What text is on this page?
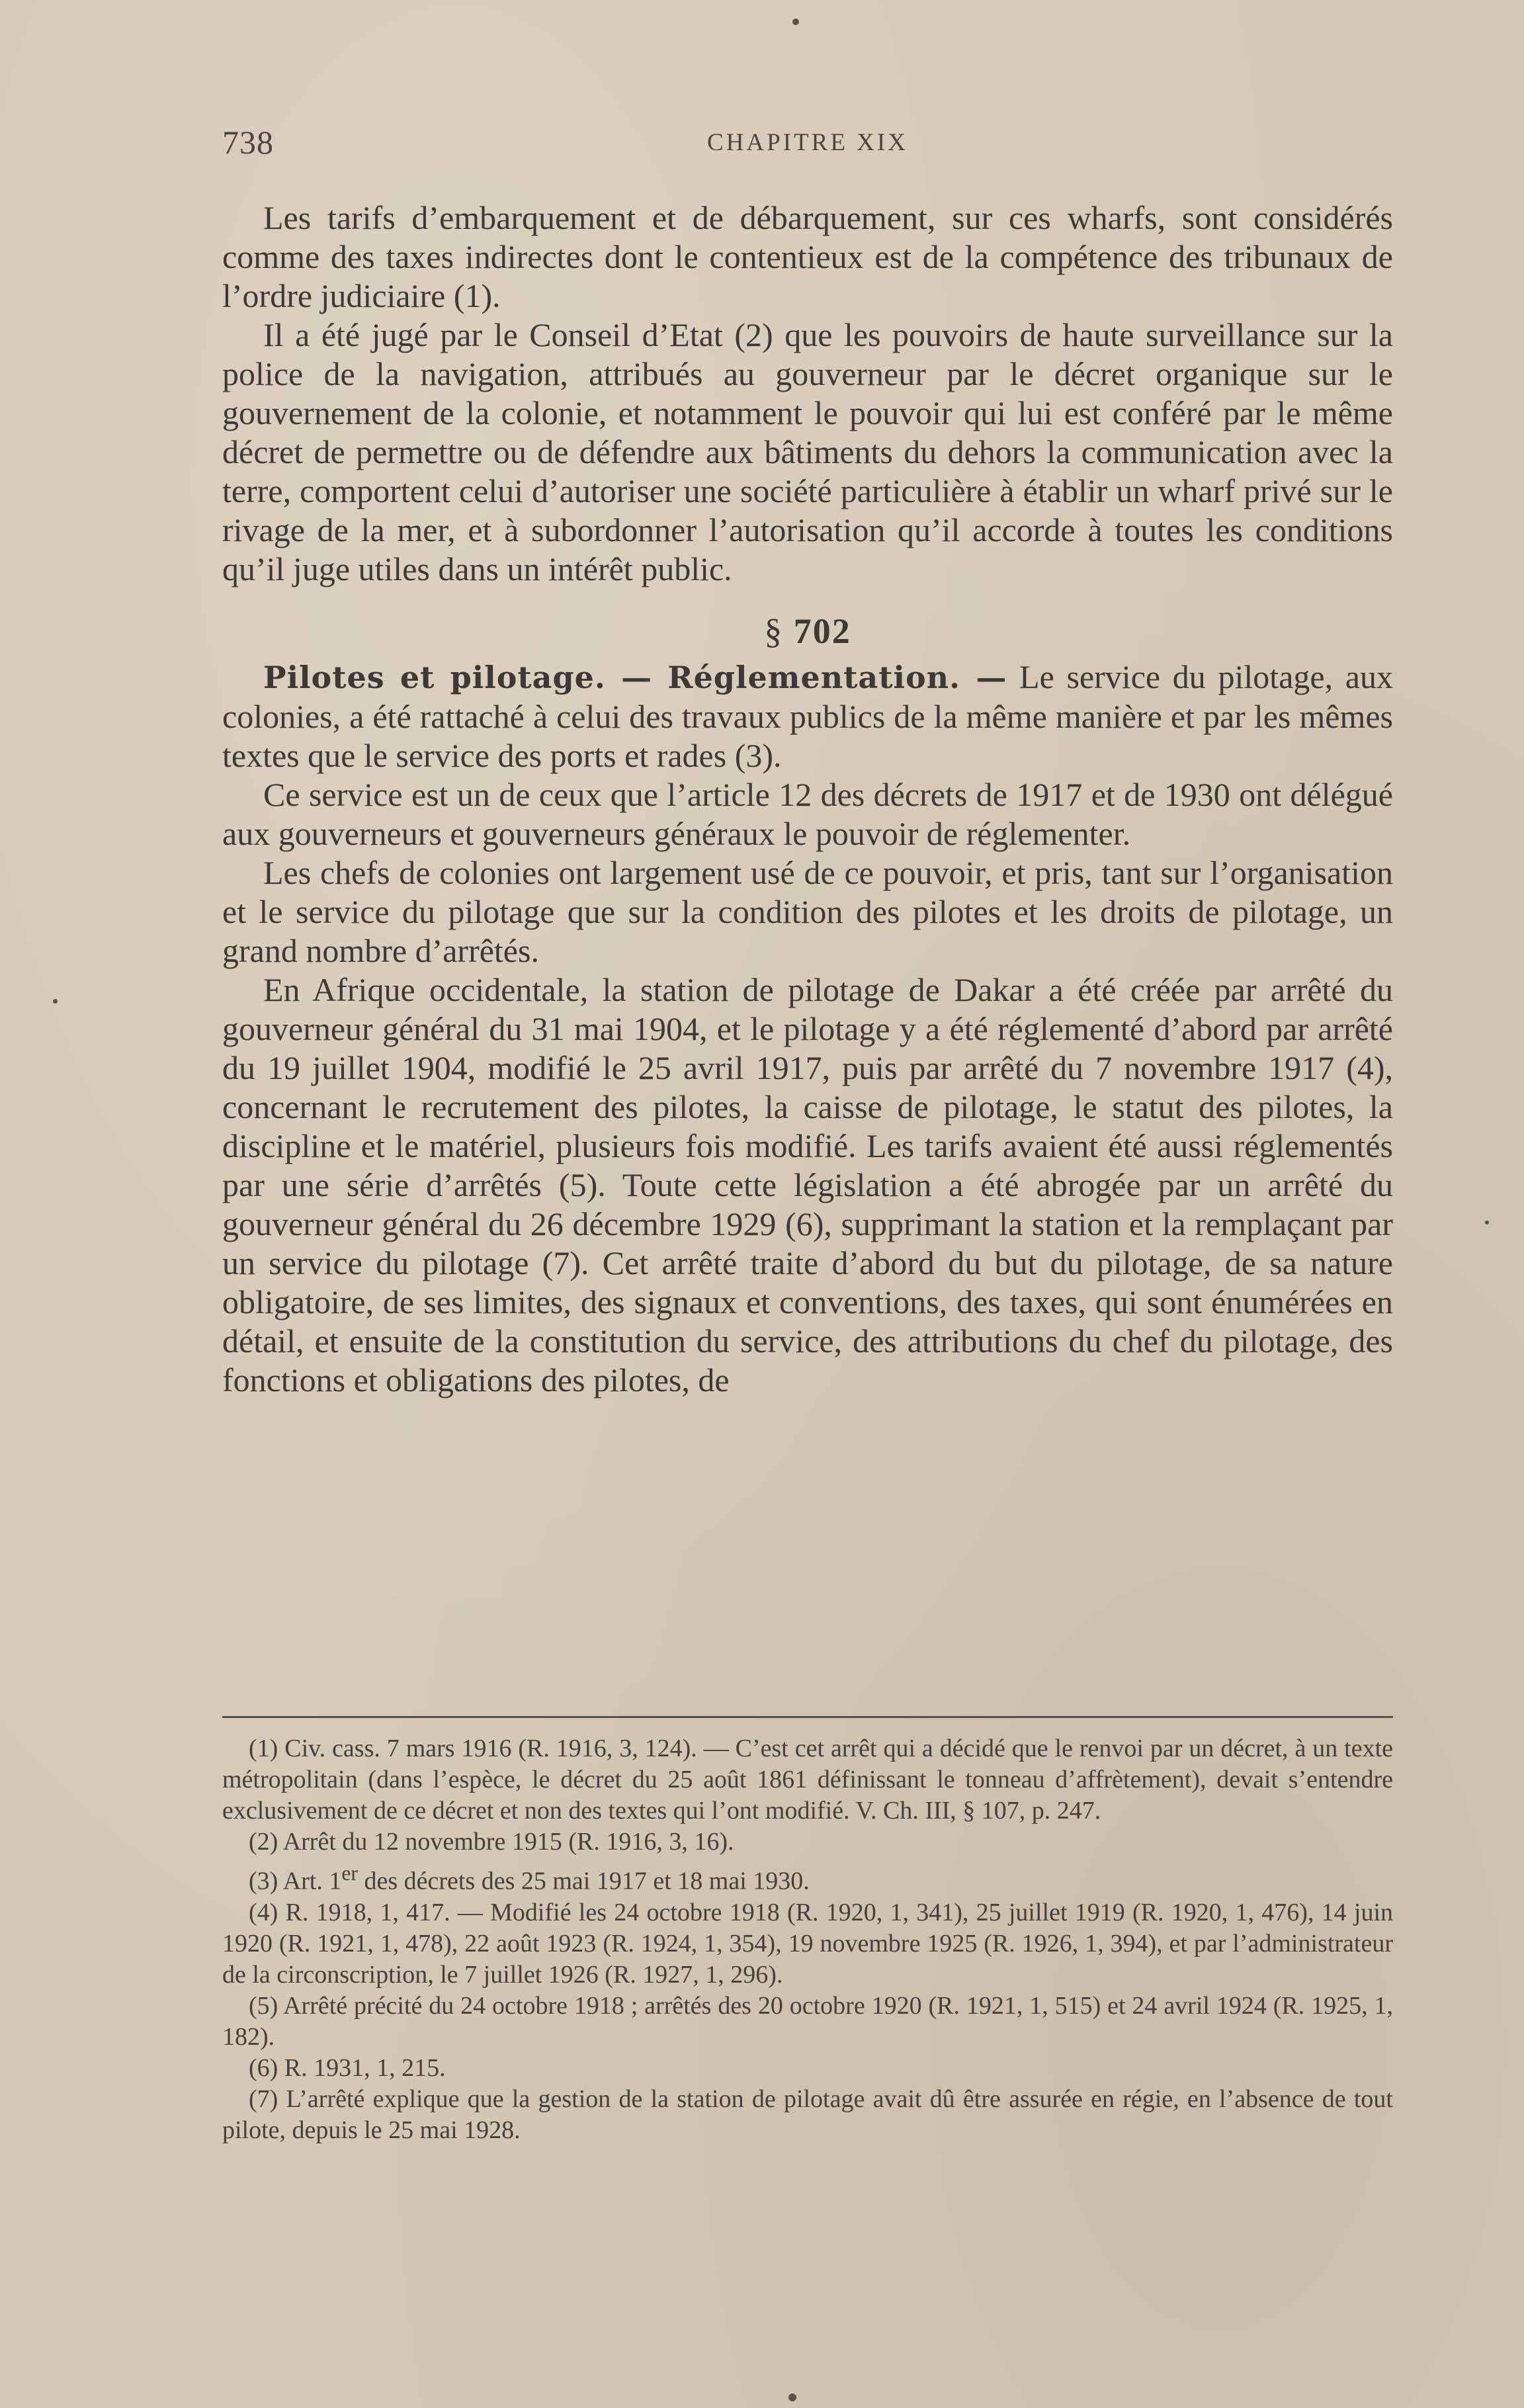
738	CHAPITRE XIX

Les tarifs d’embarquement et de débarquement, sur ces wharfs, sont considérés comme des taxes indirectes dont le contentieux est de la compétence des tribunaux de l’ordre judiciaire (1).

Il a été jugé par le Conseil d’Etat (2) que les pouvoirs de haute surveillance sur la police de la navigation, attribués au gouverneur par le décret organique sur le gouvernement de la colonie, et notamment le pouvoir qui lui est conféré par le même décret de permettre ou de défendre aux bâtiments du dehors la communication avec la terre, comportent celui d’autoriser une société particulière à établir un wharf privé sur le rivage de la mer, et à subordonner l’autorisation qu’il accorde à toutes les conditions qu’il juge utiles dans un intérêt public.

§ 702

Pilotes et pilotage. — Réglementation. — Le service du pilotage, aux colonies, a été rattaché à celui des travaux publics de la même manière et par les mêmes textes que le service des ports et rades (3).

Ce service est un de ceux que l’article 12 des décrets de 1917 et de 1930 ont délégué aux gouverneurs et gouverneurs généraux le pouvoir de réglementer.

Les chefs de colonies ont largement usé de ce pouvoir, et pris, tant sur l’organisation et le service du pilotage que sur la condition des pilotes et les droits de pilotage, un grand nombre d’arrêtés.

En Afrique occidentale, la station de pilotage de Dakar a été créée par arrêté du gouverneur général du 31 mai 1904, et le pilotage y a été réglementé d’abord par arrêté du 19 juillet 1904, modifié le 25 avril 1917, puis par arrêté du 7 novembre 1917 (4), concernant le recrutement des pilotes, la caisse de pilotage, le statut des pilotes, la discipline et le matériel, plusieurs fois modifié. Les tarifs avaient été aussi réglementés par une série d’arrêtés (5). Toute cette législation a été abrogée par un arrêté du gouverneur général du 26 décembre 1929 (6), supprimant la station et la remplaçant par un service du pilotage (7). Cet arrêté traite d’abord du but du pilotage, de sa nature obligatoire, de ses limites, des signaux et conventions, des taxes, qui sont énumérées en détail, et ensuite de la constitution du service, des attributions du chef du pilotage, des fonctions et obligations des pilotes, de

(1) Civ. cass. 7 mars 1916 (R. 1916, 3, 124). — C’est cet arrêt qui a décidé que le renvoi par un décret, à un texte métropolitain (dans l’espèce, le décret du 25 août 1861 définissant le tonneau d’affrètement), devait s’entendre exclusivement de ce décret et non des textes qui l’ont modifié. V. Ch. III, § 107, p. 247.

(2) Arrêt du 12 novembre 1915 (R. 1916, 3, 16).

(3) Art. 1er des décrets des 25 mai 1917 et 18 mai 1930.

(4) R. 1918, 1, 417. — Modifié les 24 octobre 1918 (R. 1920, 1, 341), 25 juillet 1919 (R. 1920, 1, 476), 14 juin 1920 (R. 1921, 1, 478), 22 août 1923 (R. 1924, 1, 354), 19 novembre 1925 (R. 1926, 1, 394), et par l’administrateur de la circonscription, le 7 juillet 1926 (R. 1927, 1, 296).

(5) Arrêté précité du 24 octobre 1918 ; arrêtés des 20 octobre 1920 (R. 1921, 1, 515) et 24 avril 1924 (R. 1925, 1, 182).

(6) R. 1931, 1, 215.

(7) L’arrêté explique que la gestion de la station de pilotage avait dû être assurée en régie, en l’absence de tout pilote, depuis le 25 mai 1928.
